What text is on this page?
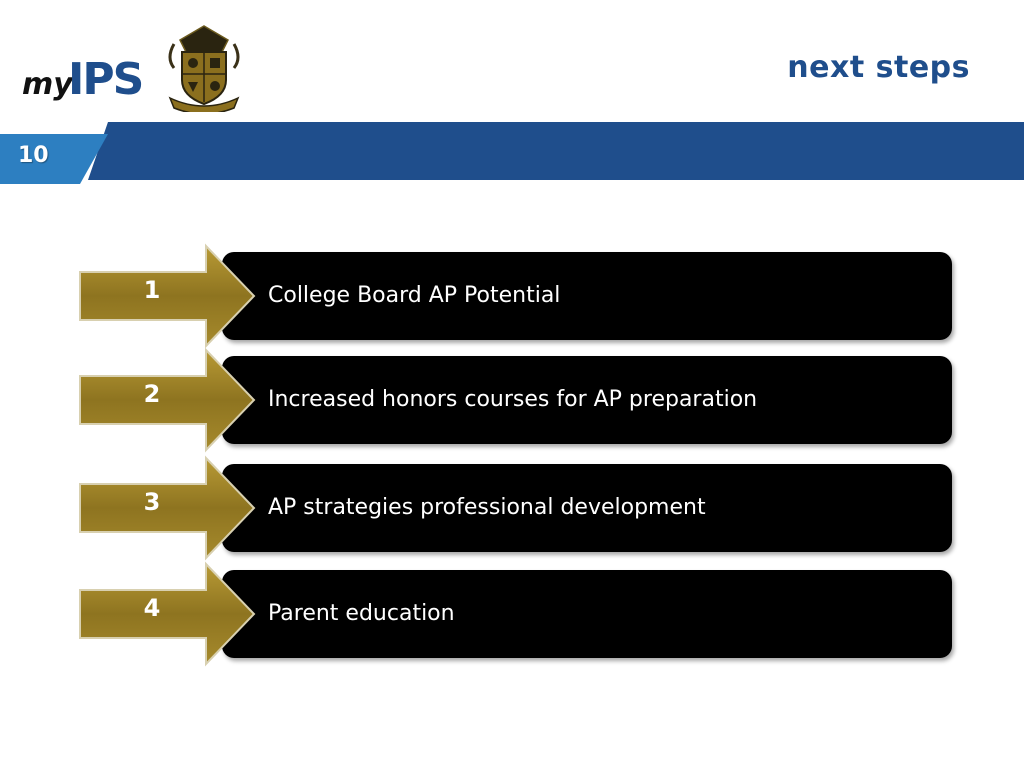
my
IPS	next steps
10
College Board AP Potential
1
Increased honors courses for AP preparation
2
AP strategies professional development
3
Parent education
4
